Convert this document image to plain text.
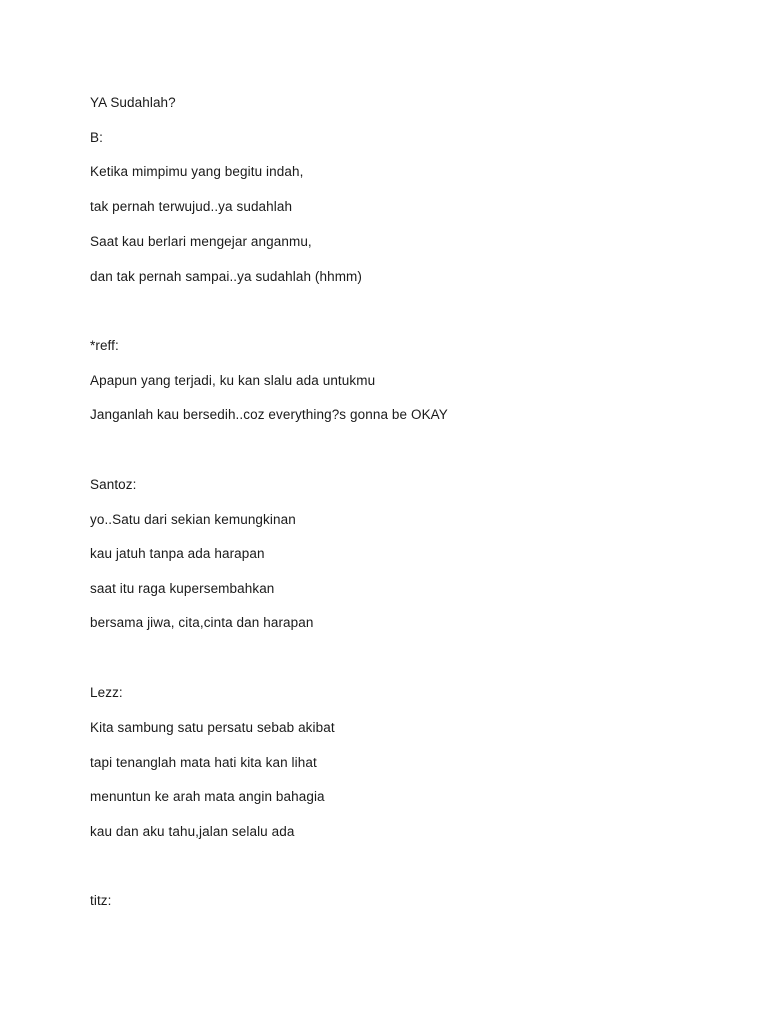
YA Sudahlah?
B:
Ketika mimpimu yang begitu indah,
tak pernah terwujud..ya sudahlah
Saat kau berlari mengejar anganmu,
dan tak pernah sampai..ya sudahlah (hhmm)
*reff:
Apapun yang terjadi, ku kan slalu ada untukmu
Janganlah kau bersedih..coz everything?s gonna be OKAY
Santoz:
yo..Satu dari sekian kemungkinan
kau jatuh tanpa ada harapan
saat itu raga kupersembahkan
bersama jiwa, cita,cinta dan harapan
Lezz:
Kita sambung satu persatu sebab akibat
tapi tenanglah mata hati kita kan lihat
menuntun ke arah mata angin bahagia
kau dan aku tahu,jalan selalu ada
titz:
